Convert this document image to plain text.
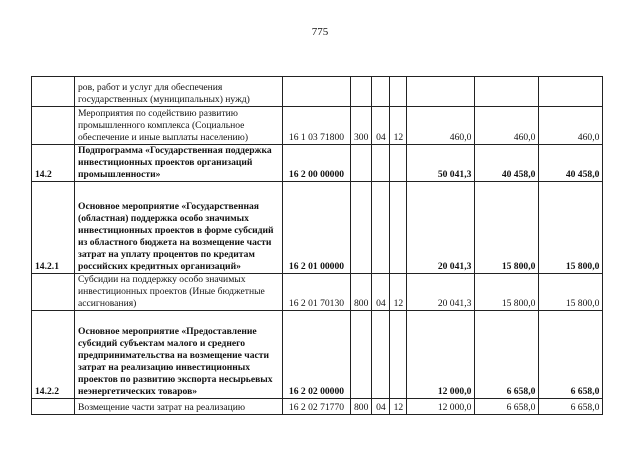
775
	ров, работ и услуг для обеспечения государственных (муниципальных) нужд)							
	Мероприятия по содействию развитию промышленного комплекса (Социальное обеспечение и иные выплаты населению)	16 1 03 71800	300	04	12	460,0	460,0	460,0
14.2	Подпрограмма «Государственная поддержка инвестиционных проектов организаций промышленности»	16 2 00 00000				50 041,3	40 458,0	40 458,0
14.2.1	Основное мероприятие «Государственная (областная) поддержка особо значимых инвестиционных проектов в форме субсидий из областного бюджета на возмещение части затрат на уплату процентов по кредитам российских кредитных организаций»	16 2 01 00000				20 041,3	15 800,0	15 800,0
	Субсидии на поддержку особо значимых инвестиционных проектов (Иные бюджетные ассигнования)	16 2 01 70130	800	04	12	20 041,3	15 800,0	15 800,0
14.2.2	Основное мероприятие «Предоставление субсидий субъектам малого и среднего предпринимательства на возмещение части затрат на реализацию инвестиционных проектов по развитию экспорта несырьевых неэнергетических товаров»	16 2 02 00000				12 000,0	6 658,0	6 658,0
	Возмещение части затрат на реализацию	16 2 02 71770	800	04	12	12 000,0	6 658,0	6 658,0
